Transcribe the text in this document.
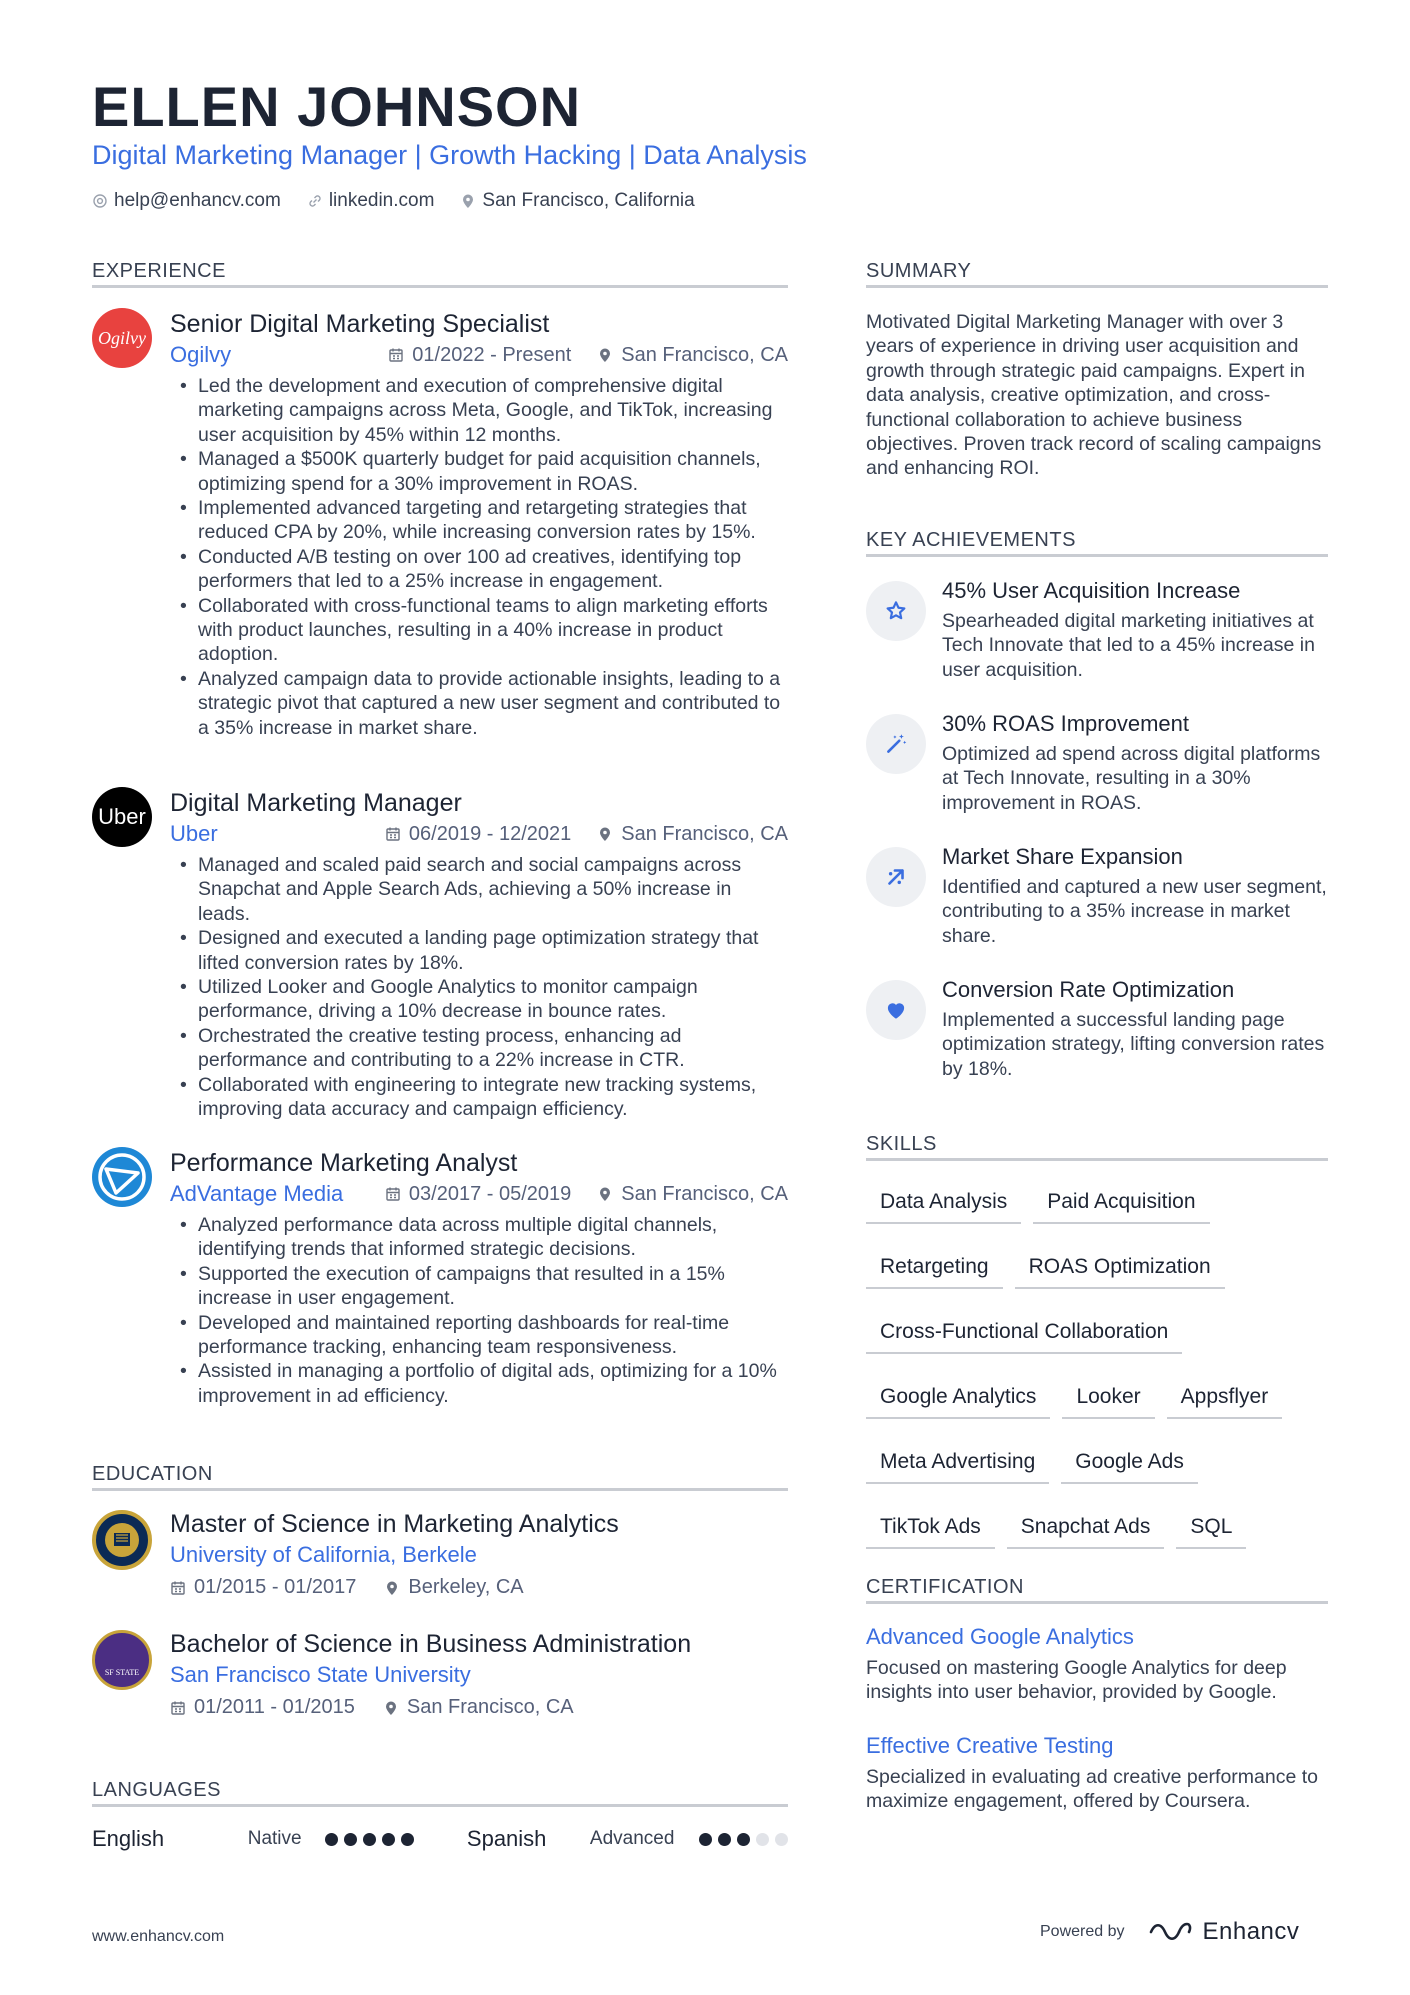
ELLEN JOHNSON
Digital Marketing Manager | Growth Hacking | Data Analysis
help@enhancv.com	linkedin.com	San Francisco, California
EXPERIENCE
Ogilvy Senior Digital Marketing Specialist
Ogilvy	01/2022 - Present	San Francisco, CA
• Led the development and execution of comprehensive digital marketing campaigns across Meta, Google, and TikTok, increasing user acquisition by 45% within 12 months.
• Managed a $500K quarterly budget for paid acquisition channels, optimizing spend for a 30% improvement in ROAS.
• Implemented advanced targeting and retargeting strategies that reduced CPA by 20%, while increasing conversion rates by 15%.
• Conducted A/B testing on over 100 ad creatives, identifying top performers that led to a 25% increase in engagement.
• Collaborated with cross-functional teams to align marketing efforts with product launches, resulting in a 40% increase in product adoption.
• Analyzed campaign data to provide actionable insights, leading to a strategic pivot that captured a new user segment and contributed to a 35% increase in market share.
Uber Digital Marketing Manager
Uber	06/2019 - 12/2021	San Francisco, CA
• Managed and scaled paid search and social campaigns across Snapchat and Apple Search Ads, achieving a 50% increase in leads.
• Designed and executed a landing page optimization strategy that lifted conversion rates by 18%.
• Utilized Looker and Google Analytics to monitor campaign performance, driving a 10% decrease in bounce rates.
• Orchestrated the creative testing process, enhancing ad performance and contributing to a 22% increase in CTR.
• Collaborated with engineering to integrate new tracking systems, improving data accuracy and campaign efficiency.
Performance Marketing Analyst
AdVantage Media	03/2017 - 05/2019	San Francisco, CA
• Analyzed performance data across multiple digital channels, identifying trends that informed strategic decisions.
• Supported the execution of campaigns that resulted in a 15% increase in user engagement.
• Developed and maintained reporting dashboards for real-time performance tracking, enhancing team responsiveness.
• Assisted in managing a portfolio of digital ads, optimizing for a 10% improvement in ad efficiency.
EDUCATION
Master of Science in Marketing Analytics
University of California, Berkele
01/2015 - 01/2017	Berkeley, CA
SF STATE
Bachelor of Science in Business Administration
San Francisco State University
01/2011 - 01/2015	San Francisco, CA
LANGUAGES
English	Native	Spanish	Advanced
SUMMARY
Motivated Digital Marketing Manager with over 3 years of experience in driving user acquisition and growth through strategic paid campaigns. Expert in data analysis, creative optimization, and cross-functional collaboration to achieve business objectives. Proven track record of scaling campaigns and enhancing ROI.
KEY ACHIEVEMENTS
45% User Acquisition Increase
Spearheaded digital marketing initiatives at Tech Innovate that led to a 45% increase in user acquisition.
30% ROAS Improvement
Optimized ad spend across digital platforms at Tech Innovate, resulting in a 30% improvement in ROAS.
Market Share Expansion
Identified and captured a new user segment, contributing to a 35% increase in market share.
Conversion Rate Optimization
Implemented a successful landing page optimization strategy, lifting conversion rates by 18%.
SKILLS
Data Analysis	Paid Acquisition
Retargeting	ROAS Optimization
Cross-Functional Collaboration
Google Analytics	Looker	Appsflyer
Meta Advertising	Google Ads
TikTok Ads	Snapchat Ads	SQL
CERTIFICATION
Advanced Google Analytics
Focused on mastering Google Analytics for deep insights into user behavior, provided by Google.
Effective Creative Testing
Specialized in evaluating ad creative performance to maximize engagement, offered by Coursera.
www.enhancv.com	Powered by	Enhancv
